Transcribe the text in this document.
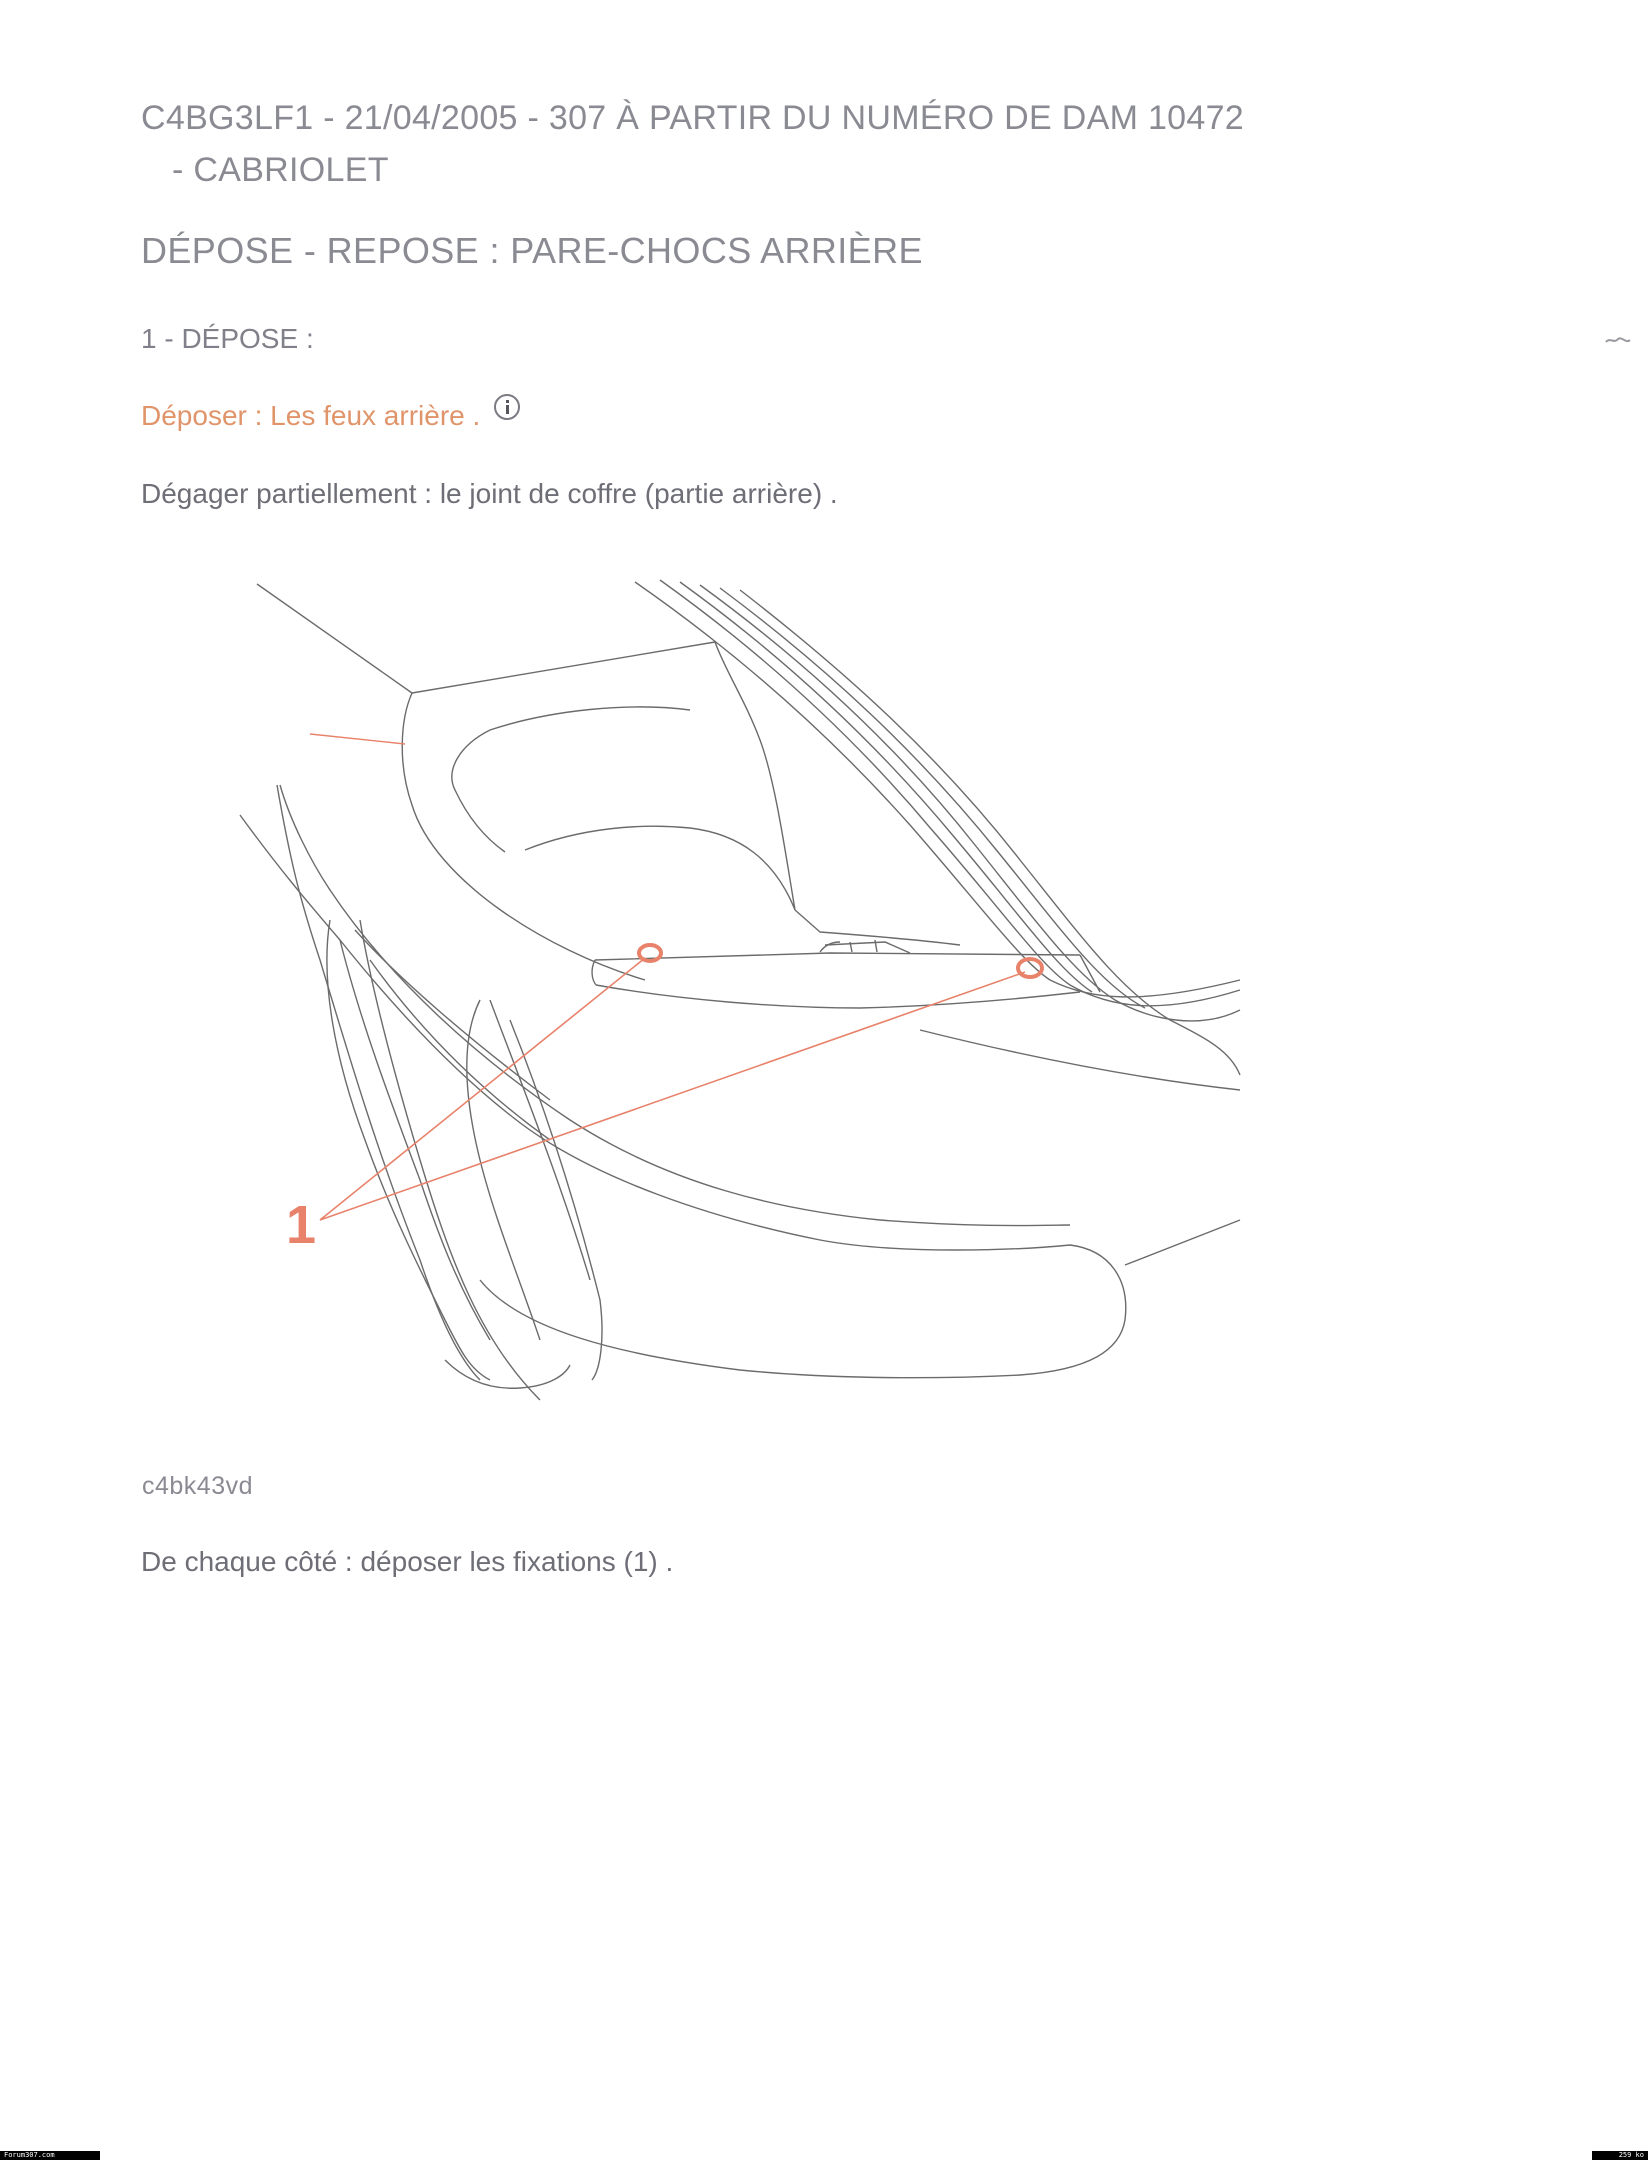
C4BG3LF1 - 21/04/2005 - 307 À PARTIR DU NUMÉRO DE DAM 10472
- CABRIOLET
DÉPOSE - REPOSE : PARE-CHOCS ARRIÈRE
1 - DÉPOSE :
Déposer : Les feux arrière .
Dégager partiellement : le joint de coffre (partie arrière) .
1
c4bk43vd
De chaque côté : déposer les fixations (1) .
Forum307.com	259 ko
